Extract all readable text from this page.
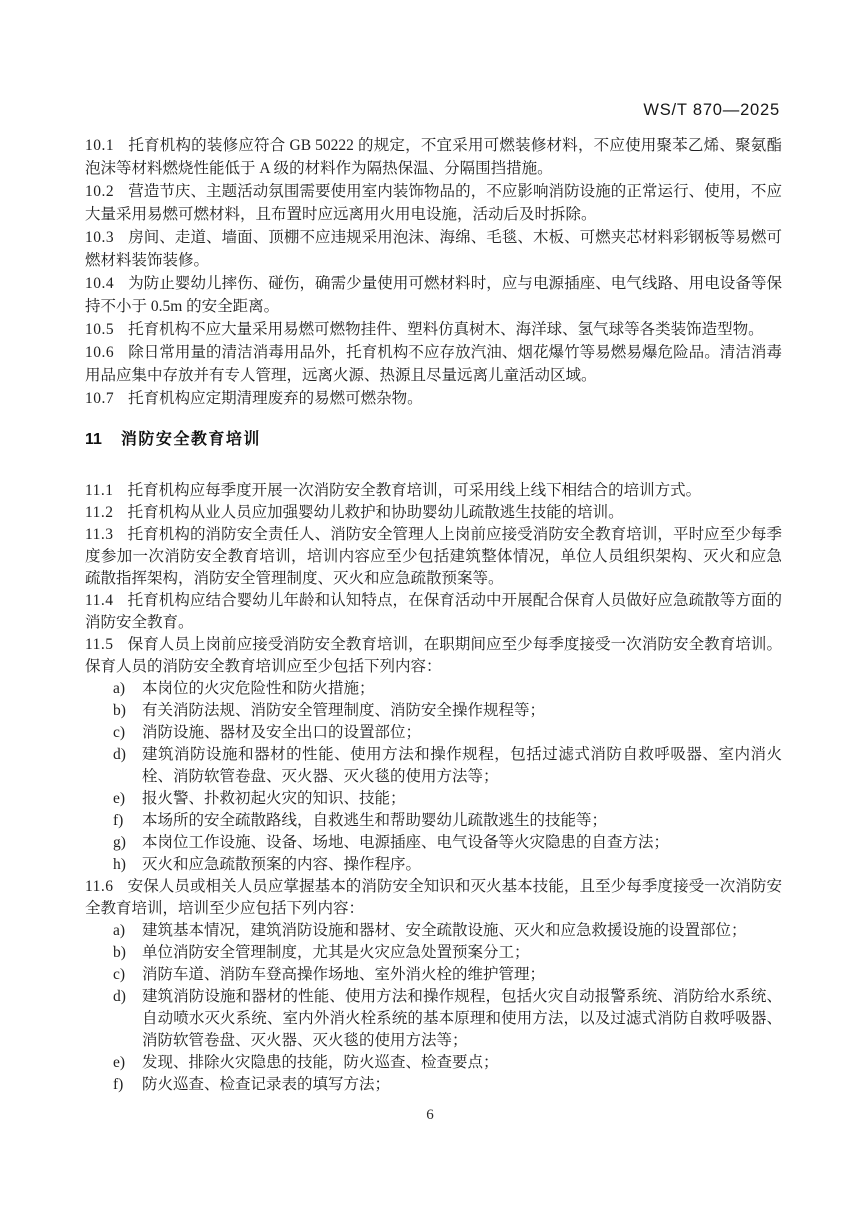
WS/T 870—2025

10.1 托育机构的装修应符合 GB 50222 的规定，不宜采用可燃装修材料，不应使用聚苯乙烯、聚氨酯泡沫等材料燃烧性能低于 A 级的材料作为隔热保温、分隔围挡措施。

10.2 营造节庆、主题活动氛围需要使用室内装饰物品的，不应影响消防设施的正常运行、使用，不应大量采用易燃可燃材料，且布置时应远离用火用电设施，活动后及时拆除。

10.3 房间、走道、墙面、顶棚不应违规采用泡沫、海绵、毛毯、木板、可燃夹芯材料彩钢板等易燃可燃材料装饰装修。

10.4 为防止婴幼儿摔伤、碰伤，确需少量使用可燃材料时，应与电源插座、电气线路、用电设备等保持不小于 0.5m 的安全距离。

10.5 托育机构不应大量采用易燃可燃物挂件、塑料仿真树木、海洋球、氢气球等各类装饰造型物。

10.6 除日常用量的清洁消毒用品外，托育机构不应存放汽油、烟花爆竹等易燃易爆危险品。清洁消毒用品应集中存放并有专人管理，远离火源、热源且尽量远离儿童活动区域。

10.7 托育机构应定期清理废弃的易燃可燃杂物。

11 消防安全教育培训

11.1 托育机构应每季度开展一次消防安全教育培训，可采用线上线下相结合的培训方式。

11.2 托育机构从业人员应加强婴幼儿救护和协助婴幼儿疏散逃生技能的培训。

11.3 托育机构的消防安全责任人、消防安全管理人上岗前应接受消防安全教育培训，平时应至少每季度参加一次消防安全教育培训，培训内容应至少包括建筑整体情况，单位人员组织架构、灭火和应急疏散指挥架构，消防安全管理制度、灭火和应急疏散预案等。

11.4 托育机构应结合婴幼儿年龄和认知特点，在保育活动中开展配合保育人员做好应急疏散等方面的消防安全教育。

11.5 保育人员上岗前应接受消防安全教育培训，在职期间应至少每季度接受一次消防安全教育培训。保育人员的消防安全教育培训应至少包括下列内容：

a) 本岗位的火灾危险性和防火措施；
b) 有关消防法规、消防安全管理制度、消防安全操作规程等；
c) 消防设施、器材及安全出口的设置部位；
d) 建筑消防设施和器材的性能、使用方法和操作规程，包括过滤式消防自救呼吸器、室内消火栓、消防软管卷盘、灭火器、灭火毯的使用方法等；
e) 报火警、扑救初起火灾的知识、技能；
f) 本场所的安全疏散路线，自救逃生和帮助婴幼儿疏散逃生的技能等；
g) 本岗位工作设施、设备、场地、电源插座、电气设备等火灾隐患的自查方法；
h) 灭火和应急疏散预案的内容、操作程序。

11.6 安保人员或相关人员应掌握基本的消防安全知识和灭火基本技能，且至少每季度接受一次消防安全教育培训，培训至少应包括下列内容：

a) 建筑基本情况，建筑消防设施和器材、安全疏散设施、灭火和应急救援设施的设置部位；
b) 单位消防安全管理制度，尤其是火灾应急处置预案分工；
c) 消防车道、消防车登高操作场地、室外消火栓的维护管理；
d) 建筑消防设施和器材的性能、使用方法和操作规程，包括火灾自动报警系统、消防给水系统、自动喷水灭火系统、室内外消火栓系统的基本原理和使用方法，以及过滤式消防自救呼吸器、消防软管卷盘、灭火器、灭火毯的使用方法等；
e) 发现、排除火灾隐患的技能，防火巡查、检查要点；
f) 防火巡查、检查记录表的填写方法；
6
